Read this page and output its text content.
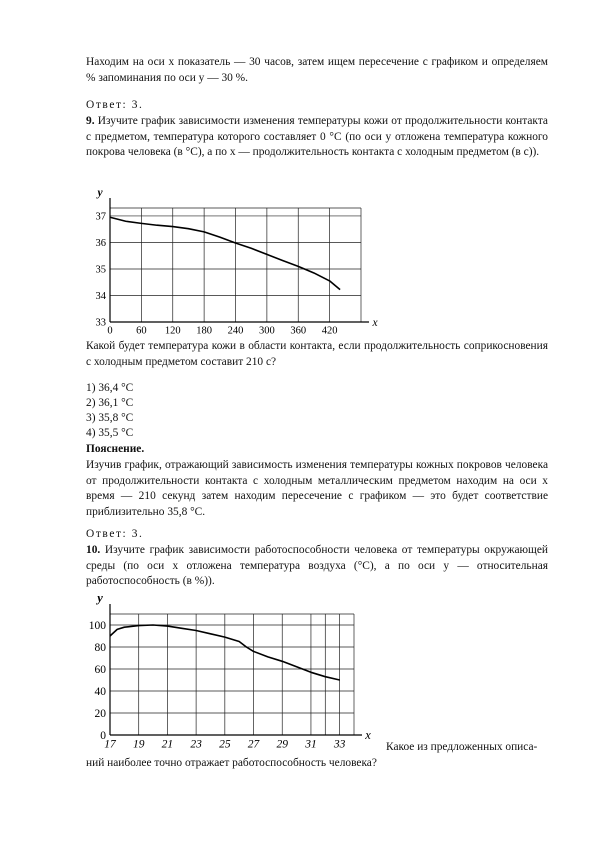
Находим на оси x показатель — 30 часов, затем ищем пересечение с графиком и определяем % запоминания по оси y — 30 %.

Ответ: 3.

9. Изучите график зависимости изменения температуры кожи от продолжительности контакта с предметом, температура которого составляет 0 °С (по оси y отложена температура кожного покрова человека (в °С), а по x — продолжительность контакта с холодным предметом (в с)).

0 60 120 180 240 300 360 420
33
34
35
36
37
y
x

Какой будет температура кожи в области контакта, если продолжительность соприкосновения с холодным предметом составит 210 с?

1) 36,4 °С

2) 36,1 °С

3) 35,8 °С

4) 35,5 °С

Пояснение.

Изучив график, отражающий зависимость изменения температуры кожных покровов человека от продолжительности контакта с холодным металлическим предметом находим на оси x время — 210 секунд затем находим пересечение с графиком — это будет соответствие приблизительно 35,8 °С.

Ответ: 3.

10. Изучите график зависимости работоспособности человека от температуры окружающей среды (по оси x отложена температура воздуха (°С), а по оси y — относительная работоспособность (в %)).

17 19 21 23 25 27 29 31 33
0
20
40
60
80
100
y
x

Какое из предложенных описа-

ний наиболее точно отражает работоспособность человека?
